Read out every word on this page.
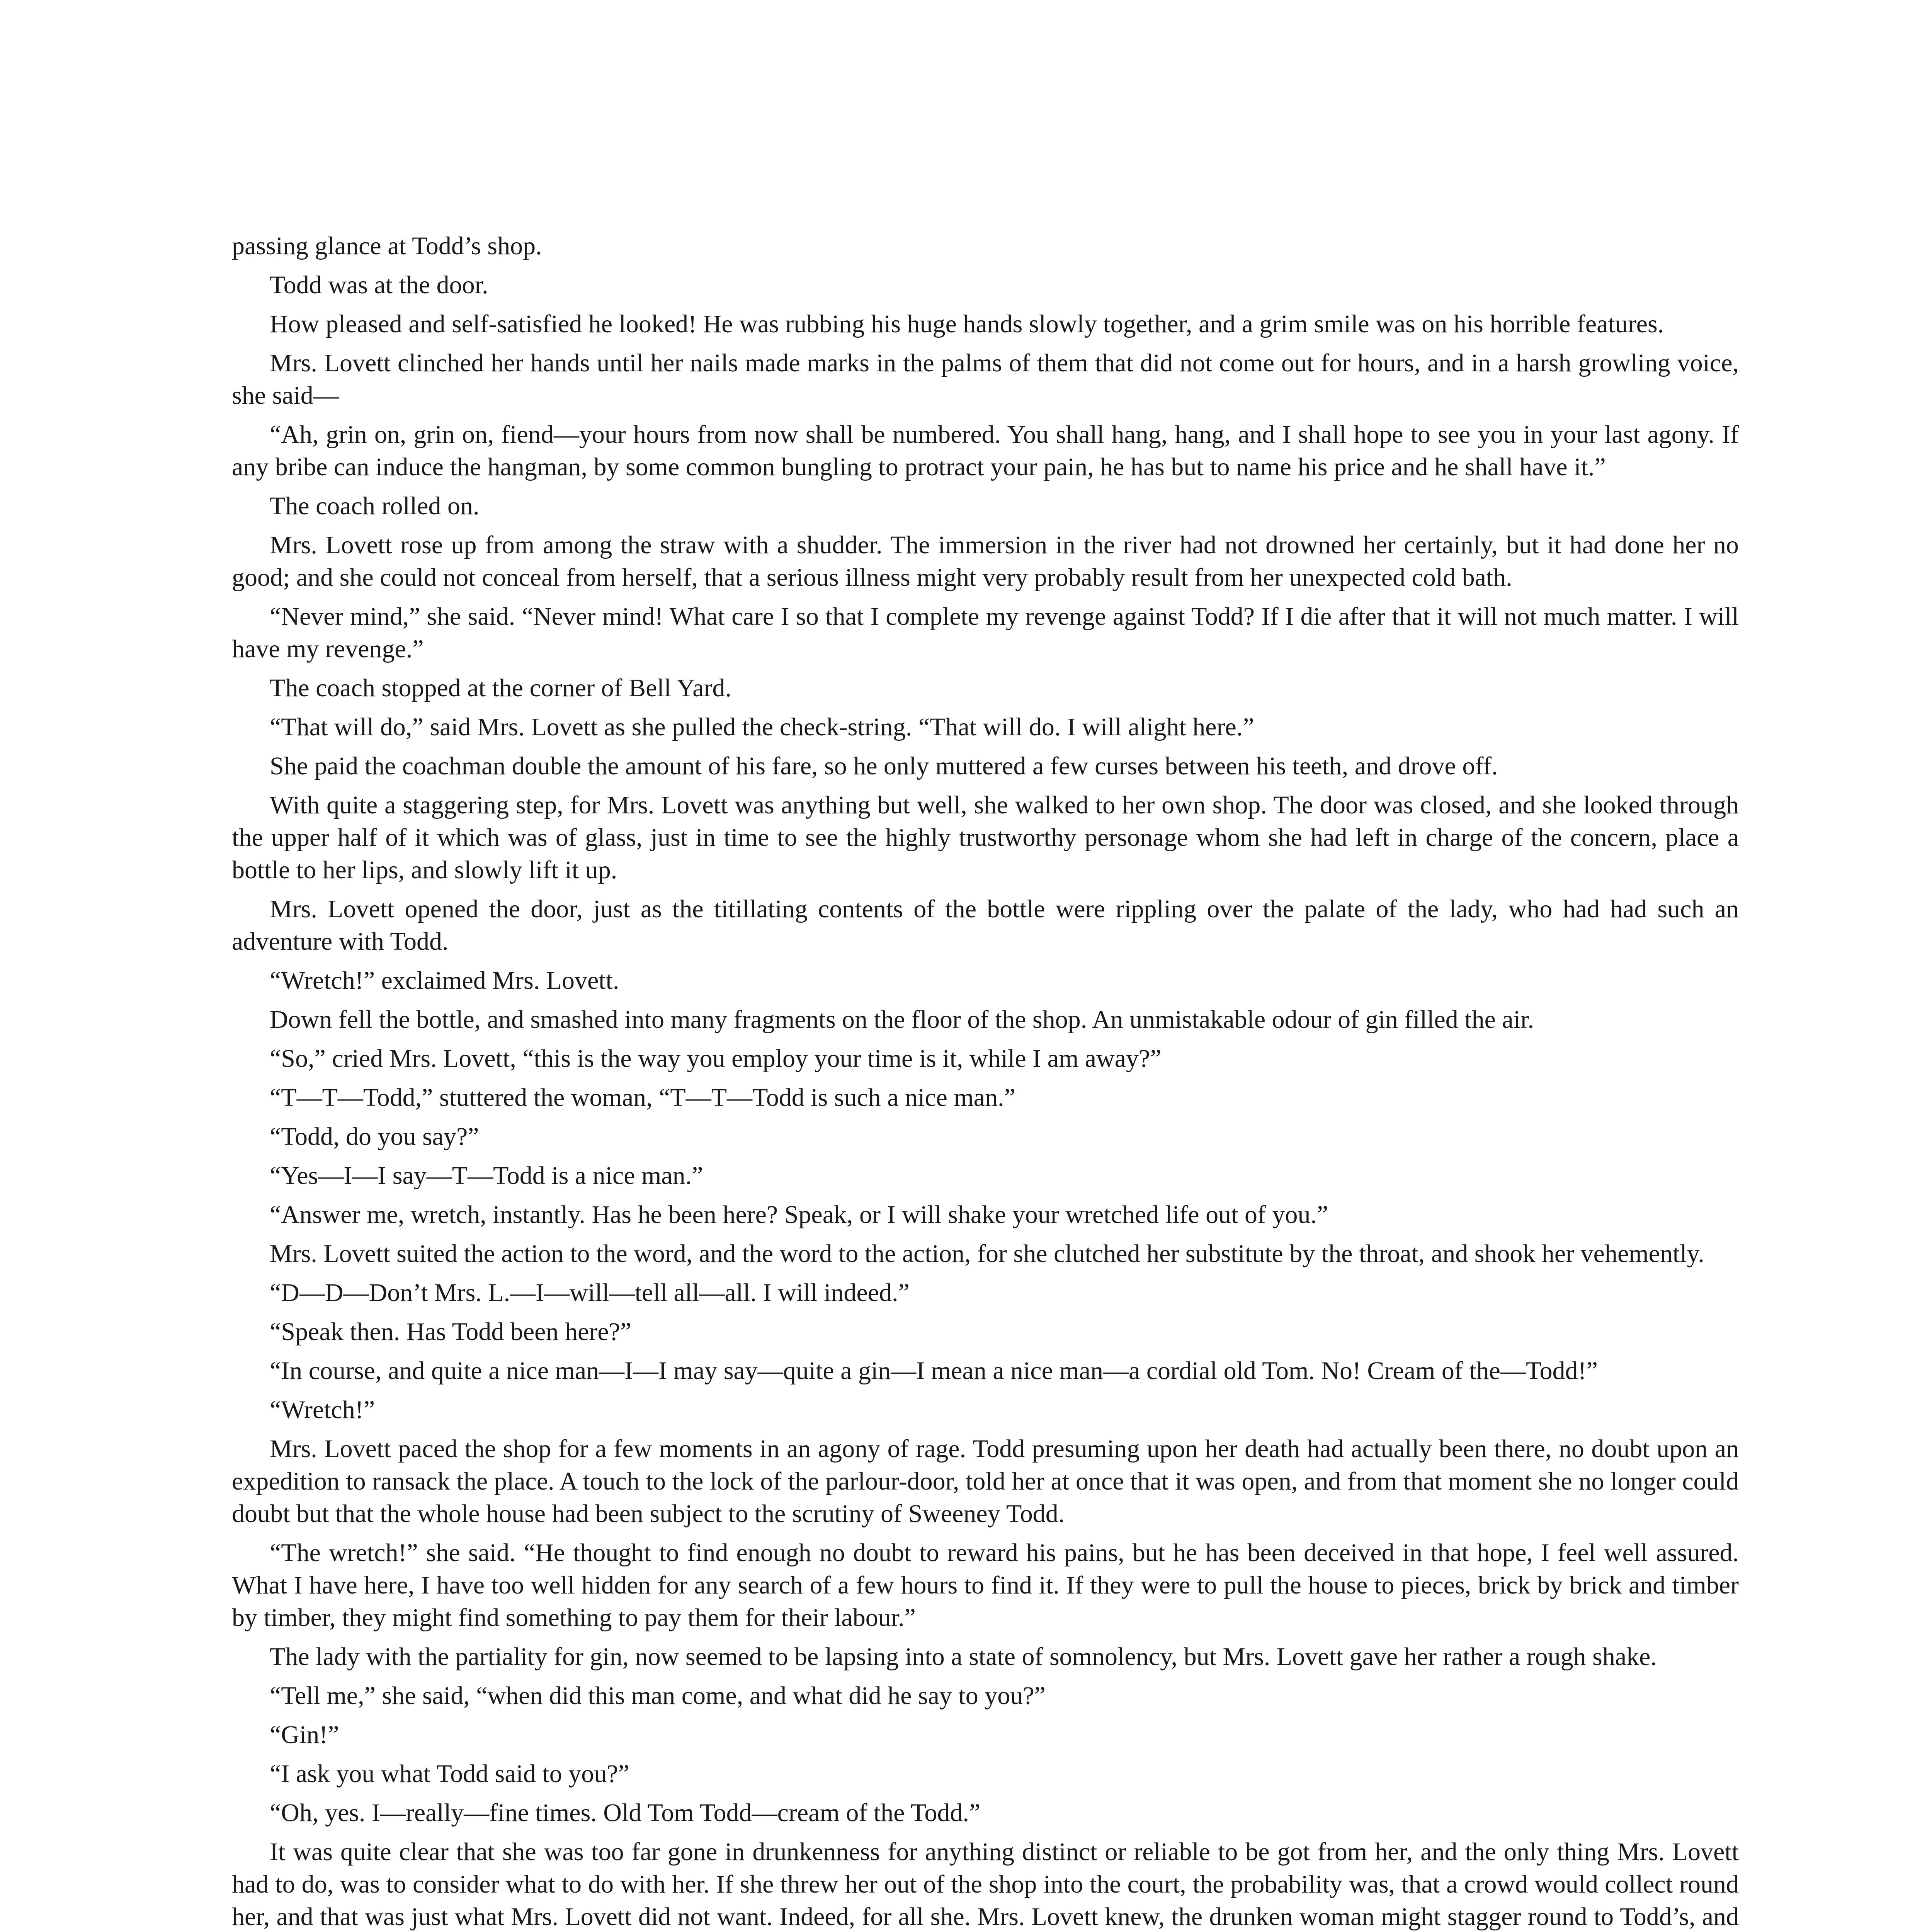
passing glance at Todd’s shop.

Todd was at the door.

How pleased and self-satisfied he looked! He was rubbing his huge hands slowly together, and a grim smile was on his horrible features.

Mrs. Lovett clinched her hands until her nails made marks in the palms of them that did not come out for hours, and in a harsh growling voice, she said—

“Ah, grin on, grin on, fiend—your hours from now shall be numbered. You shall hang, hang, and I shall hope to see you in your last agony. If any bribe can induce the hangman, by some common bungling to protract your pain, he has but to name his price and he shall have it.”

The coach rolled on.

Mrs. Lovett rose up from among the straw with a shudder. The immersion in the river had not drowned her certainly, but it had done her no good; and she could not conceal from herself, that a serious illness might very probably result from her unexpected cold bath.

“Never mind,” she said. “Never mind! What care I so that I complete my revenge against Todd? If I die after that it will not much matter. I will have my revenge.”

The coach stopped at the corner of Bell Yard.

“That will do,” said Mrs. Lovett as she pulled the check-string. “That will do. I will alight here.”

She paid the coachman double the amount of his fare, so he only muttered a few curses between his teeth, and drove off.

With quite a staggering step, for Mrs. Lovett was anything but well, she walked to her own shop. The door was closed, and she looked through the upper half of it which was of glass, just in time to see the highly trustworthy personage whom she had left in charge of the concern, place a bottle to her lips, and slowly lift it up.

Mrs. Lovett opened the door, just as the titillating contents of the bottle were rippling over the palate of the lady, who had had such an adventure with Todd.

“Wretch!” exclaimed Mrs. Lovett.

Down fell the bottle, and smashed into many fragments on the floor of the shop. An unmistakable odour of gin filled the air.

“So,” cried Mrs. Lovett, “this is the way you employ your time is it, while I am away?”

“T—T—Todd,” stuttered the woman, “T—T—Todd is such a nice man.”

“Todd, do you say?”

“Yes—I—I say—T—Todd is a nice man.”

“Answer me, wretch, instantly. Has he been here? Speak, or I will shake your wretched life out of you.”

Mrs. Lovett suited the action to the word, and the word to the action, for she clutched her substitute by the throat, and shook her vehemently.

“D—D—Don’t Mrs. L.—I—will—tell all—all. I will indeed.”

“Speak then. Has Todd been here?”

“In course, and quite a nice man—I—I may say—quite a gin—I mean a nice man—a cordial old Tom. No! Cream of the—Todd!”

“Wretch!”

Mrs. Lovett paced the shop for a few moments in an agony of rage. Todd presuming upon her death had actually been there, no doubt upon an expedition to ransack the place. A touch to the lock of the parlour-door, told her at once that it was open, and from that moment she no longer could doubt but that the whole house had been subject to the scrutiny of Sweeney Todd.

“The wretch!” she said. “He thought to find enough no doubt to reward his pains, but he has been deceived in that hope, I feel well assured. What I have here, I have too well hidden for any search of a few hours to find it. If they were to pull the house to pieces, brick by brick and timber by timber, they might find something to pay them for their labour.”

The lady with the partiality for gin, now seemed to be lapsing into a state of somnolency, but Mrs. Lovett gave her rather a rough shake.

“Tell me,” she said, “when did this man come, and what did he say to you?”

“Gin!”

“I ask you what Todd said to you?”

“Oh, yes. I—really—fine times. Old Tom Todd—cream of the Todd.”

It was quite clear that she was too far gone in drunkenness for anything distinct or reliable to be got from her, and the only thing Mrs. Lovett had to do, was to consider what to do with her. If she threw her out of the shop into the court, the probability was, that a crowd would collect round her, and that was just what Mrs. Lovett did not want. Indeed, for all she. Mrs. Lovett knew, the drunken woman might stagger round to Todd’s, and
